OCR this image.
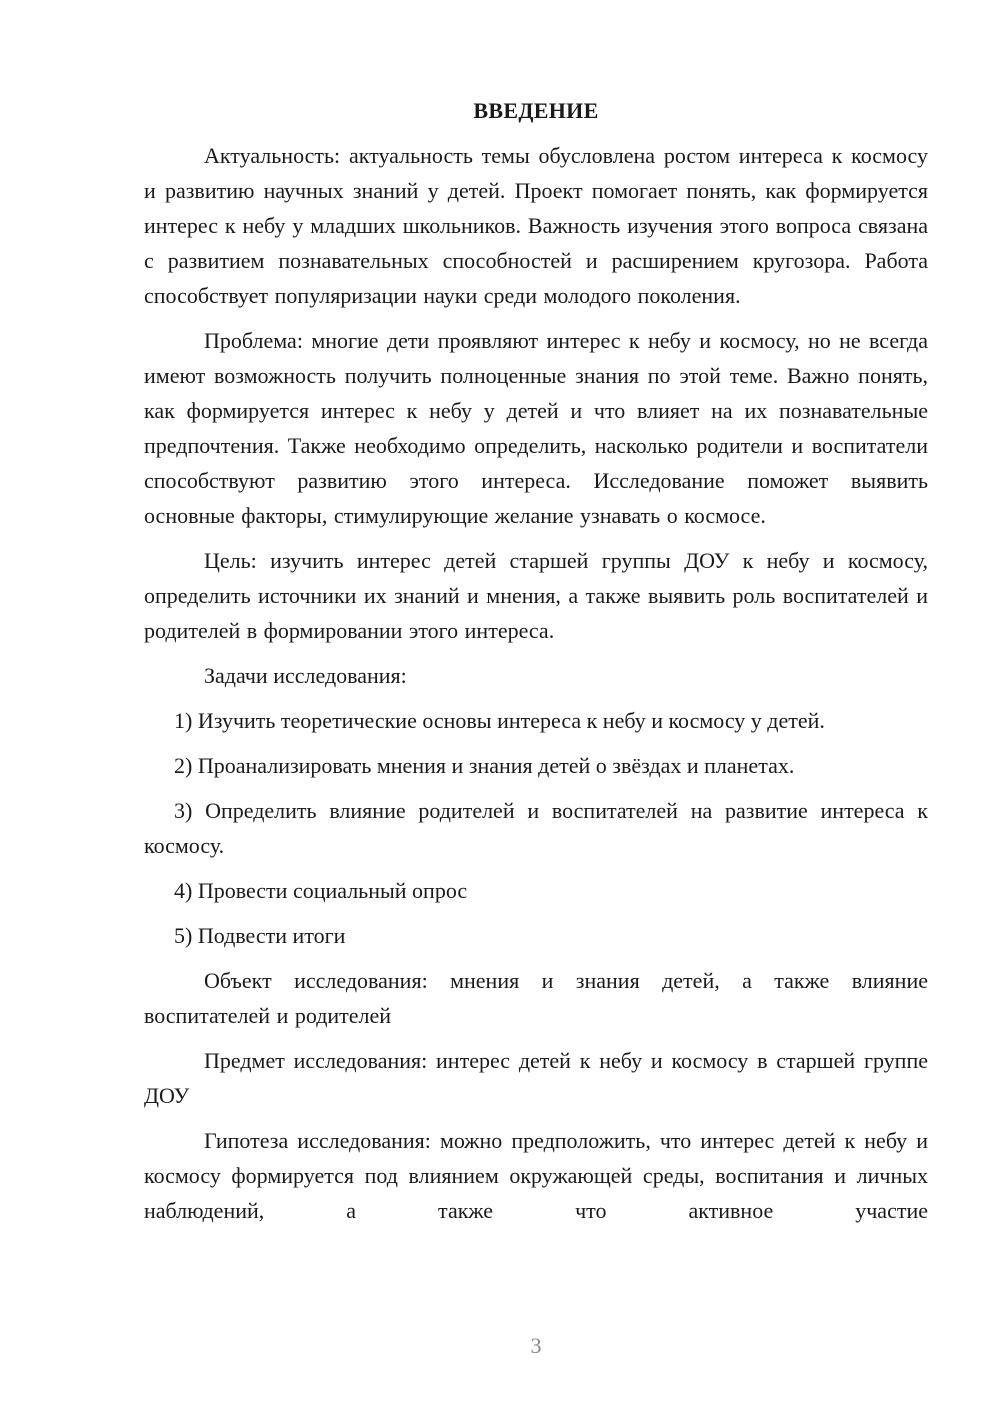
ВВЕДЕНИЕ

Актуальность: актуальность темы обусловлена ростом интереса к космосу и развитию научных знаний у детей. Проект помогает понять, как формируется интерес к небу у младших школьников. Важность изучения этого вопроса связана с развитием познавательных способностей и расширением кругозора. Работа способствует популяризации науки среди молодого поколения.

Проблема: многие дети проявляют интерес к небу и космосу, но не всегда имеют возможность получить полноценные знания по этой теме. Важно понять, как формируется интерес к небу у детей и что влияет на их познавательные предпочтения. Также необходимо определить, насколько родители и воспитатели способствуют развитию этого интереса. Исследование поможет выявить основные факторы, стимулирующие желание узнавать о космосе.

Цель: изучить интерес детей старшей группы ДОУ к небу и космосу, определить источники их знаний и мнения, а также выявить роль воспитателей и родителей в формировании этого интереса.

Задачи исследования:

1) Изучить теоретические основы интереса к небу и космосу у детей.

2) Проанализировать мнения и знания детей о звёздах и планетах.

3) Определить влияние родителей и воспитателей на развитие интереса к космосу.

4) Провести социальный опрос

5) Подвести итоги

Объект исследования: мнения и знания детей, а также влияние воспитателей и родителей

Предмет исследования: интерес детей к небу и космосу в старшей группе ДОУ

Гипотеза исследования: можно предположить, что интерес детей к небу и космосу формируется под влиянием окружающей среды, воспитания и личных наблюдений, а также что активное участие

3
